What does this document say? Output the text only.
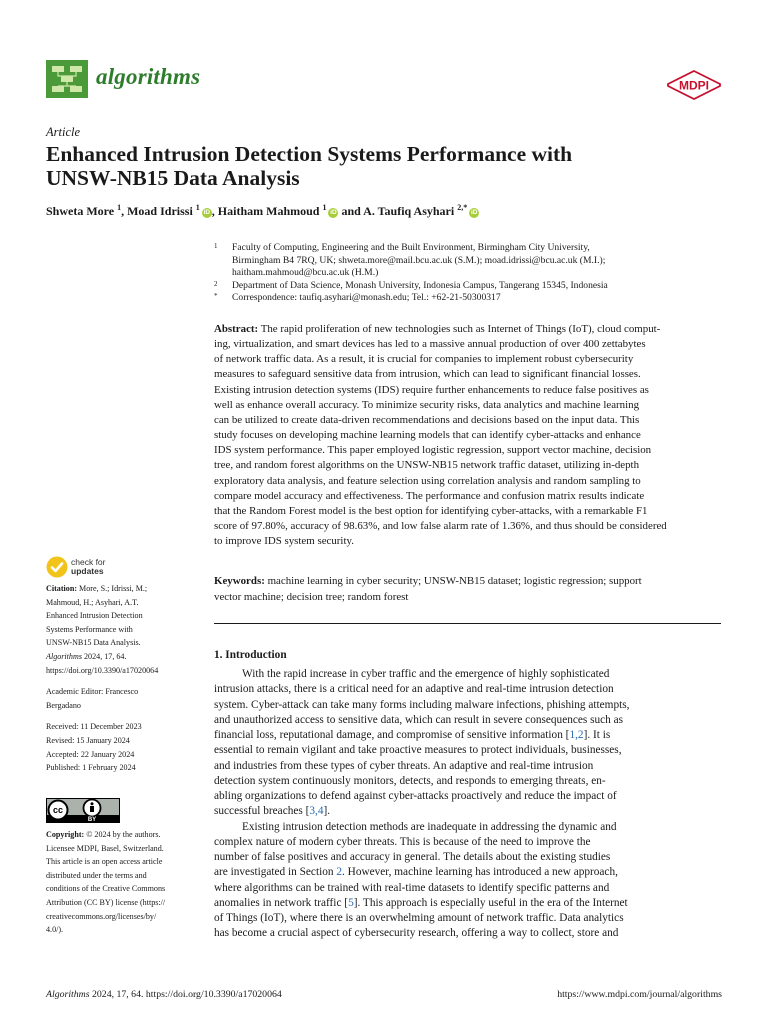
algorithms	MDPI
Article
Enhanced Intrusion Detection Systems Performance with
UNSW-NB15 Data Analysis
Shweta More $^1$, Moad Idrissi $^1$iD , Haitham Mahmoud $^1$iD and A. Taufiq Asyhari $^{2,*}$iD
1 Faculty of Computing, Engineering and the Built Environment, Birmingham City University,
Birmingham B4 7RQ, UK; shweta.more@mail.bcu.ac.uk (S.M.); moad.idrissi@bcu.ac.uk (M.I.);
haitham.mahmoud@bcu.ac.uk (H.M.)
2 Department of Data Science, Monash University, Indonesia Campus, Tangerang 15345, Indonesia
* Correspondence: taufiq.asyhari@monash.edu; Tel.: +62-21-50300317
Abstract: The rapid proliferation of new technologies such as Internet of Things (IoT), cloud comput-
ing, virtualization, and smart devices has led to a massive annual production of over 400 zettabytes
of network traffic data. As a result, it is crucial for companies to implement robust cybersecurity
measures to safeguard sensitive data from intrusion, which can lead to significant financial losses.
Existing intrusion detection systems (IDS) require further enhancements to reduce false positives as
well as enhance overall accuracy. To minimize security risks, data analytics and machine learning
can be utilized to create data-driven recommendations and decisions based on the input data. This
study focuses on developing machine learning models that can identify cyber-attacks and enhance
IDS system performance. This paper employed logistic regression, support vector machine, decision
tree, and random forest algorithms on the UNSW-NB15 network traffic dataset, utilizing in-depth
exploratory data analysis, and feature selection using correlation analysis and random sampling to
compare model accuracy and effectiveness. The performance and confusion matrix results indicate
that the Random Forest model is the best option for identifying cyber-attacks, with a remarkable F1
score of 97.80%, accuracy of 98.63%, and low false alarm rate of 1.36%, and thus should be considered
to improve IDS system security.
Keywords: machine learning in cyber security; UNSW-NB15 dataset; logistic regression; support
vector machine; decision tree; random forest
1. Introduction
With the rapid increase in cyber traffic and the emergence of highly sophisticated
intrusion attacks, there is a critical need for an adaptive and real-time intrusion detection
system. Cyber-attack can take many forms including malware infections, phishing attempts,
and unauthorized access to sensitive data, which can result in severe consequences such as
financial loss, reputational damage, and compromise of sensitive information [1,2]. It is
essential to remain vigilant and take proactive measures to protect individuals, businesses,
and industries from these types of cyber threats. An adaptive and real-time intrusion
detection system continuously monitors, detects, and responds to emerging threats, en-
abling organizations to defend against cyber-attacks proactively and reduce the impact of
successful breaches [3,4].
Existing intrusion detection methods are inadequate in addressing the dynamic and
complex nature of modern cyber threats. This is because of the need to improve the
number of false positives and accuracy in general. The details about the existing studies
are investigated in Section 2. However, machine learning has introduced a new approach,
where algorithms can be trained with real-time datasets to identify specific patterns and
anomalies in network traffic [5]. This approach is especially useful in the era of the Internet
of Things (IoT), where there is an overwhelming amount of network traffic. Data analytics
has become a crucial aspect of cybersecurity research, offering a way to collect, store and
check for
updates
Citation: More, S.; Idrissi, M.;
Mahmoud, H.; Asyhari, A.T.
Enhanced Intrusion Detection
Systems Performance with
UNSW-NB15 Data Analysis.
Algorithms 2024, 17, 64.
https://doi.org/10.3390/a17020064
Academic Editor: Francesco
Bergadano
Received: 11 December 2023
Revised: 15 January 2024
Accepted: 22 January 2024
Published: 1 February 2024
cc
BY
Copyright: © 2024 by the authors.
Licensee MDPI, Basel, Switzerland.
This article is an open access article
distributed under the terms and
conditions of the Creative Commons
Attribution (CC BY) license (https://
creativecommons.org/licenses/by/
4.0/).
Algorithms 2024, 17, 64. https://doi.org/10.3390/a17020064	https://www.mdpi.com/journal/algorithms
